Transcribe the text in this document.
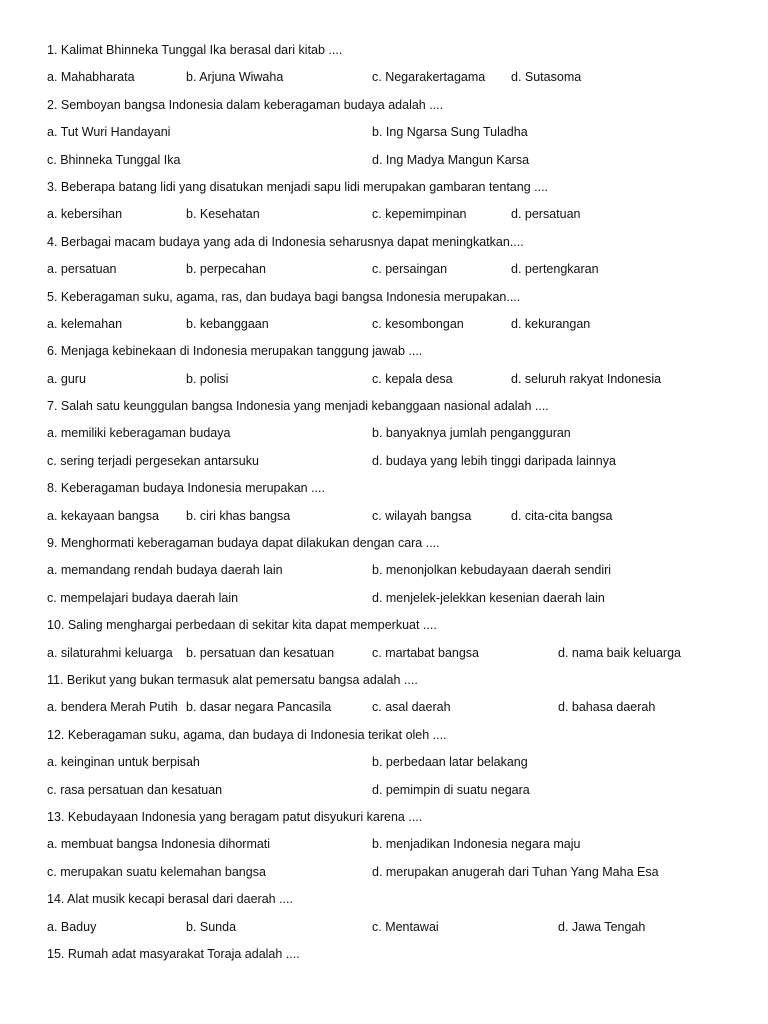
1. Kalimat Bhinneka Tunggal Ika berasal dari kitab ....
a. Mahabharata	b. Arjuna Wiwaha	c. Negarakertagama d. Sutasoma
2. Semboyan bangsa Indonesia dalam keberagaman budaya adalah ....
a. Tut Wuri Handayani	b. Ing Ngarsa Sung Tuladha
c. Bhinneka Tunggal Ika	d. Ing Madya Mangun Karsa
3. Beberapa batang lidi yang disatukan menjadi sapu lidi merupakan gambaran tentang ....
a. kebersihan	b. Kesehatan	c. kepemimpinan	d. persatuan
4. Berbagai macam budaya yang ada di Indonesia seharusnya dapat meningkatkan....
a. persatuan	b. perpecahan	c. persaingan	d. pertengkaran
5. Keberagaman suku, agama, ras, dan budaya bagi bangsa Indonesia merupakan....
a. kelemahan	b. kebanggaan	c. kesombongan	d. kekurangan
6. Menjaga kebinekaan di Indonesia merupakan tanggung jawab ....
a. guru	b. polisi	c. kepala desa	d. seluruh rakyat Indonesia
7. Salah satu keunggulan bangsa Indonesia yang menjadi kebanggaan nasional adalah ....
a. memiliki keberagaman budaya	b. banyaknya jumlah pengangguran
c. sering terjadi pergesekan antarsuku	d. budaya yang lebih tinggi daripada lainnya
8. Keberagaman budaya Indonesia merupakan ....
a. kekayaan bangsa b. ciri khas bangsa	c. wilayah bangsa	d. cita-cita bangsa
9. Menghormati keberagaman budaya dapat dilakukan dengan cara ....
a. memandang rendah budaya daerah lain	b. menonjolkan kebudayaan daerah sendiri
c. mempelajari budaya daerah lain	d. menjelek-jelekkan kesenian daerah lain
10. Saling menghargai perbedaan di sekitar kita dapat memperkuat ....
a. silaturahmi keluarga b. persatuan dan kesatuan	c. martabat bangsa	d. nama baik keluarga
11. Berikut yang bukan termasuk alat pemersatu bangsa adalah ....
a. bendera Merah Putih b. dasar negara Pancasila	c. asal daerah	d. bahasa daerah
12. Keberagaman suku, agama, dan budaya di Indonesia terikat oleh ....
a. keinginan untuk berpisah	b. perbedaan latar belakang
c. rasa persatuan dan kesatuan	d. pemimpin di suatu negara
13. Kebudayaan Indonesia yang beragam patut disyukuri karena ....
a. membuat bangsa Indonesia dihormati	b. menjadikan Indonesia negara maju
c. merupakan suatu kelemahan bangsa	d. merupakan anugerah dari Tuhan Yang Maha Esa
14. Alat musik kecapi berasal dari daerah ....
a. Baduy	b. Sunda	c. Mentawai	d. Jawa Tengah
15. Rumah adat masyarakat Toraja adalah ....
